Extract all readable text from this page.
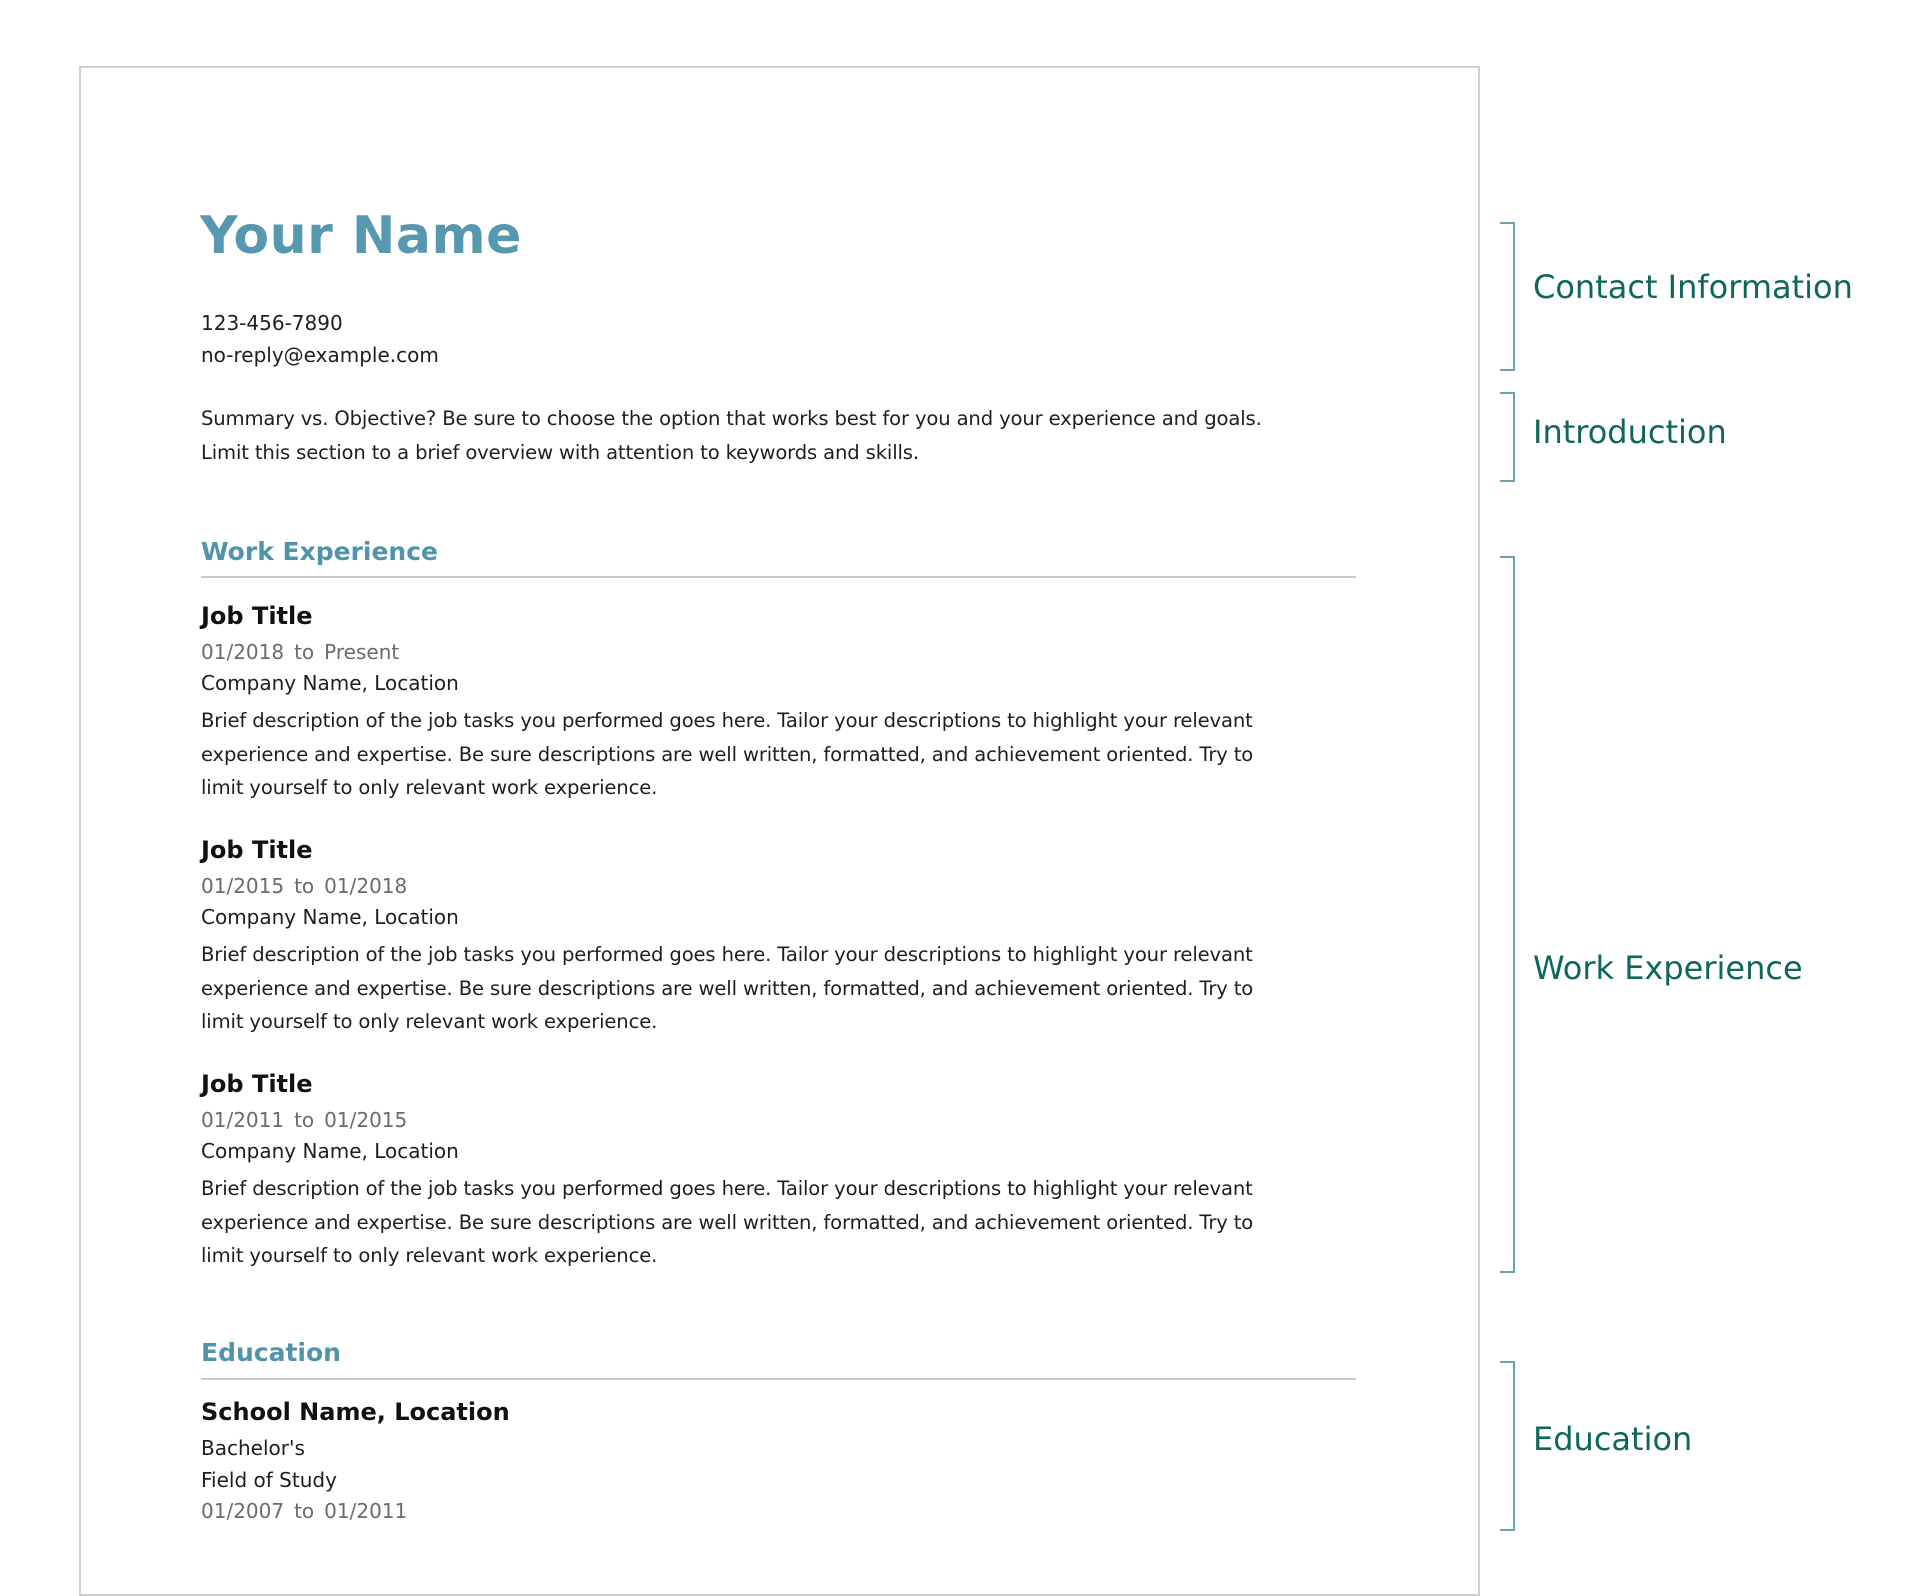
Your Name
123-456-7890
no-reply@example.com
Summary vs. Objective? Be sure to choose the option that works best for you and your experience and goals.
Limit this section to a brief overview with attention to keywords and skills.
Work Experience
Job Title
01/2018 to Present
Company Name, Location
Brief description of the job tasks you performed goes here. Tailor your descriptions to highlight your relevant
experience and expertise. Be sure descriptions are well written, formatted, and achievement oriented. Try to
limit yourself to only relevant work experience.
Job Title
01/2015 to 01/2018
Company Name, Location
Brief description of the job tasks you performed goes here. Tailor your descriptions to highlight your relevant
experience and expertise. Be sure descriptions are well written, formatted, and achievement oriented. Try to
limit yourself to only relevant work experience.
Job Title
01/2011 to 01/2015
Company Name, Location
Brief description of the job tasks you performed goes here. Tailor your descriptions to highlight your relevant
experience and expertise. Be sure descriptions are well written, formatted, and achievement oriented. Try to
limit yourself to only relevant work experience.
Education
School Name, Location
Bachelor's
Field of Study
01/2007 to 01/2011
Contact Information
Introduction
Work Experience
Education
